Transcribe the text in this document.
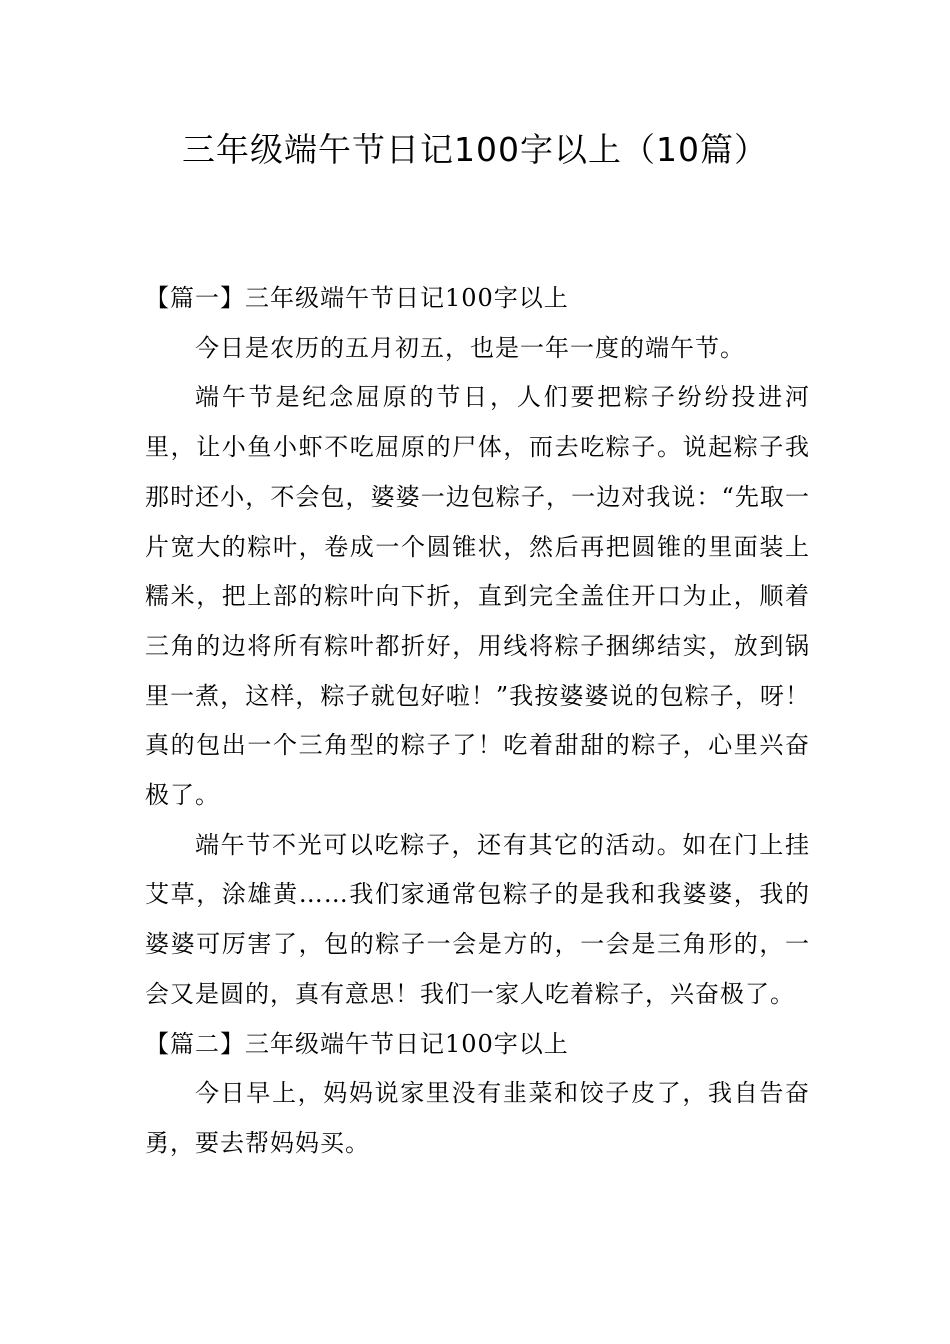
三年级端午节日记100字以上（10篇）

【篇一】三年级端午节日记100字以上

今日是农历的五月初五，也是一年一度的端午节。

端午节是纪念屈原的节日，人们要把粽子纷纷投进河里，让小鱼小虾不吃屈原的尸体，而去吃粽子。说起粽子我那时还小，不会包，婆婆一边包粽子，一边对我说：“先取一片宽大的粽叶，卷成一个圆锥状，然后再把圆锥的里面装上糯米，把上部的粽叶向下折，直到完全盖住开口为止，顺着三角的边将所有粽叶都折好，用线将粽子捆绑结实，放到锅里一煮，这样，粽子就包好啦！”我按婆婆说的包粽子，呀！真的包出一个三角型的粽子了！吃着甜甜的粽子，心里兴奋极了。

端午节不光可以吃粽子，还有其它的活动。如在门上挂艾草，涂雄黄……我们家通常包粽子的是我和我婆婆，我的婆婆可厉害了，包的粽子一会是方的，一会是三角形的，一会又是圆的，真有意思！我们一家人吃着粽子，兴奋极了。

【篇二】三年级端午节日记100字以上

今日早上，妈妈说家里没有韭菜和饺子皮了，我自告奋勇，要去帮妈妈买。
